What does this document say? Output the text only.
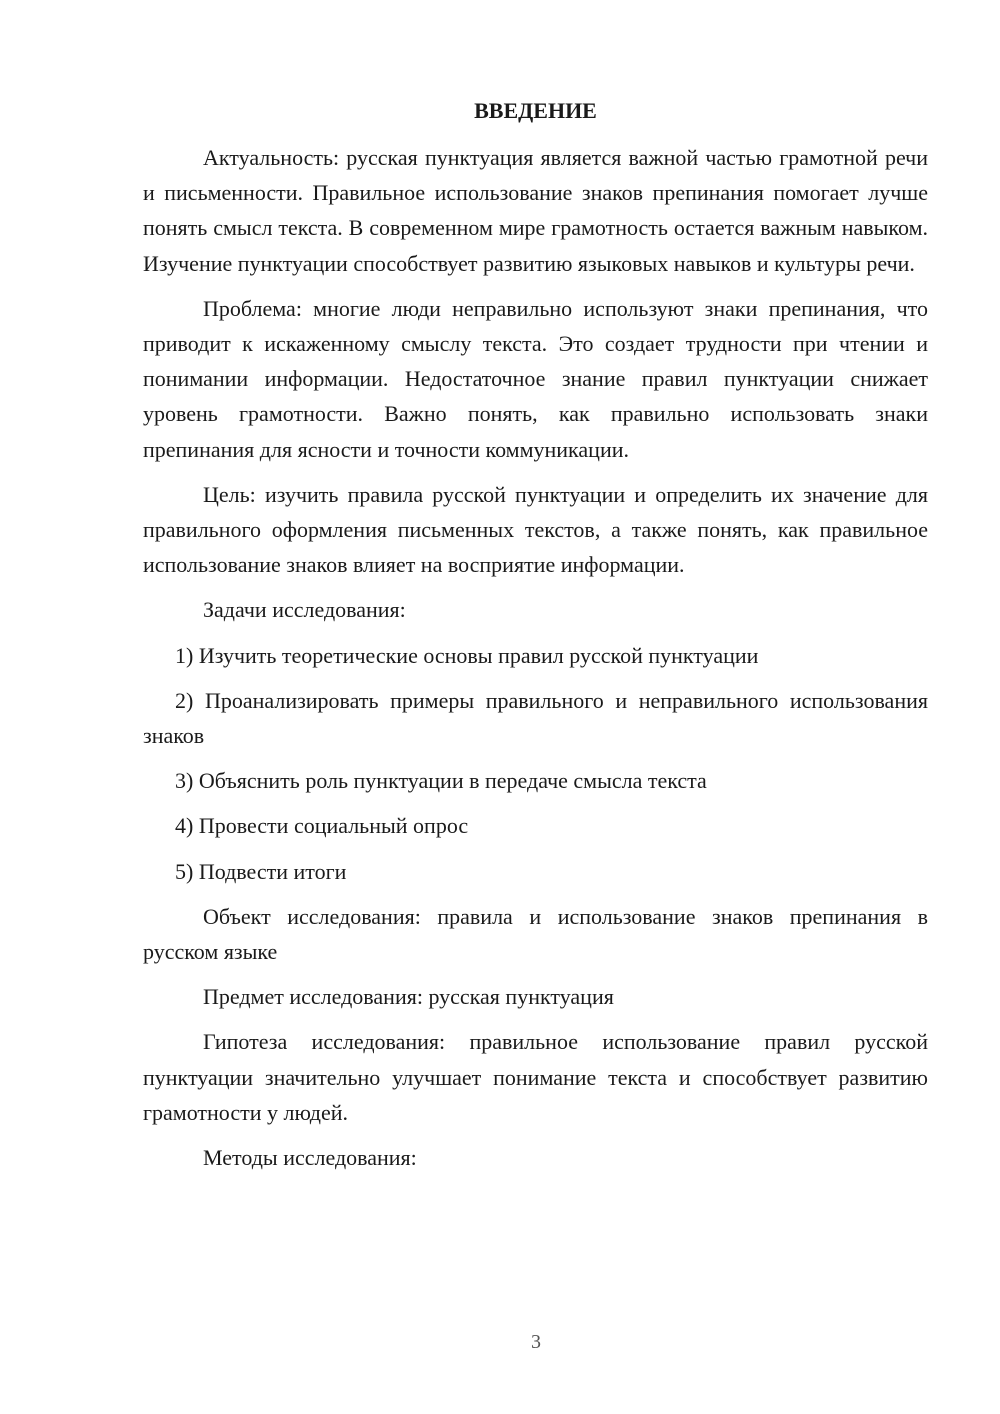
ВВЕДЕНИЕ

Актуальность: русская пунктуация является важной частью грамотной речи и письменности. Правильное использование знаков препинания помогает лучше понять смысл текста. В современном мире грамотность остается важным навыком. Изучение пунктуации способствует развитию языковых навыков и культуры речи.

Проблема: многие люди неправильно используют знаки препинания, что приводит к искаженному смыслу текста. Это создает трудности при чтении и понимании информации. Недостаточное знание правил пунктуации снижает уровень грамотности. Важно понять, как правильно использовать знаки препинания для ясности и точности коммуникации.

Цель: изучить правила русской пунктуации и определить их значение для правильного оформления письменных текстов, а также понять, как правильное использование знаков влияет на восприятие информации.

Задачи исследования:

1) Изучить теоретические основы правил русской пунктуации

2) Проанализировать примеры правильного и неправильного использования знаков

3) Объяснить роль пунктуации в передаче смысла текста

4) Провести социальный опрос

5) Подвести итоги

Объект исследования: правила и использование знаков препинания в русском языке

Предмет исследования: русская пунктуация

Гипотеза исследования: правильное использование правил русской пунктуации значительно улучшает понимание текста и способствует развитию грамотности у людей.

Методы исследования:

3
